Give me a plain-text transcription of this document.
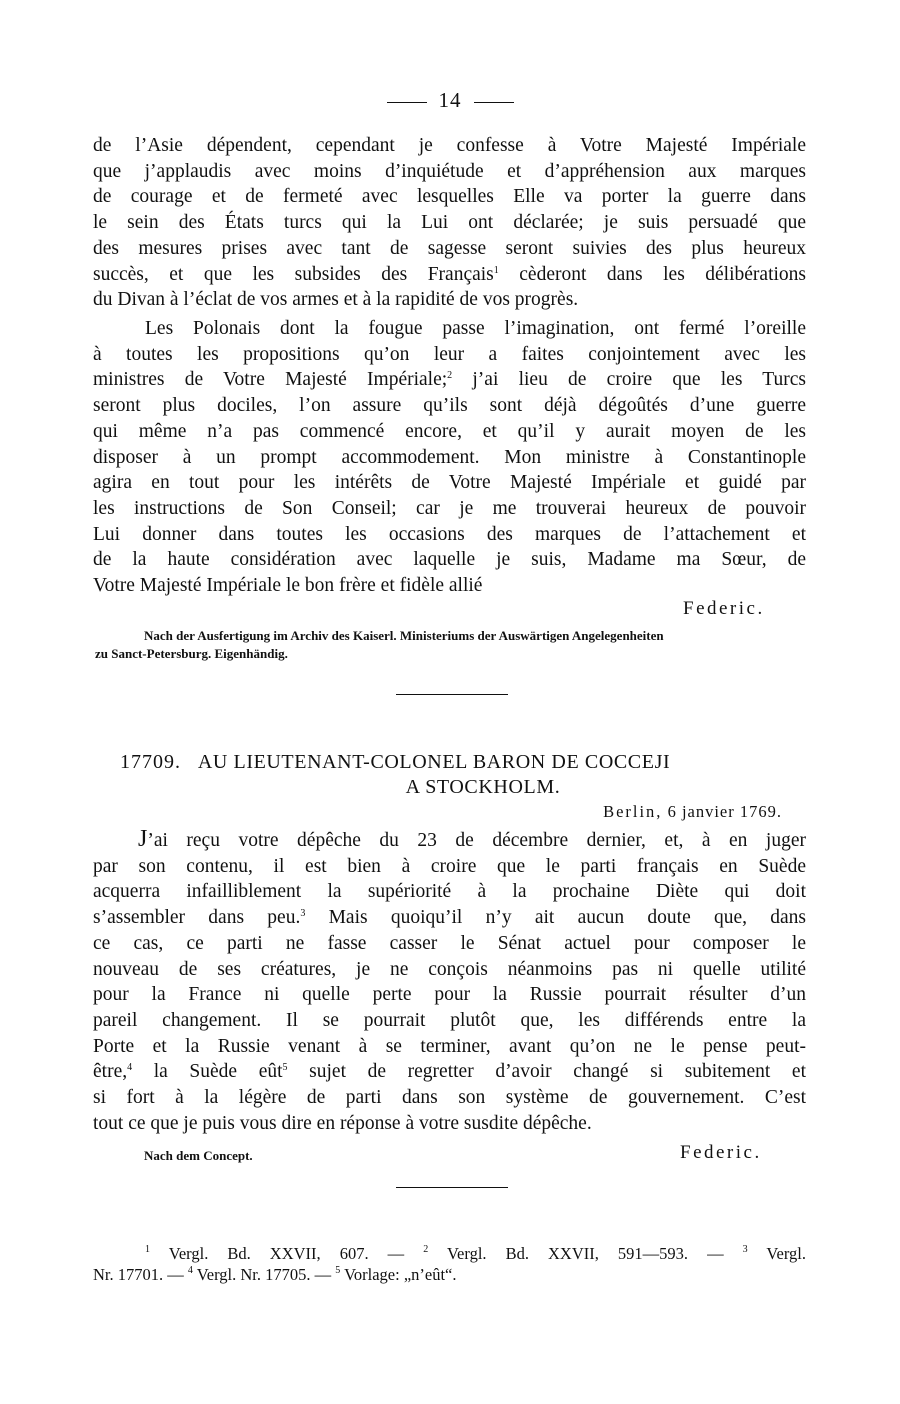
14
de l’Asie dépendent, cependant je confesse à Votre Majesté Impériale
que j’applaudis avec moins d’inquiétude et d’appréhension aux marques
de courage et de fermeté avec lesquelles Elle va porter la guerre dans
le sein des États turcs qui la Lui ont déclarée; je suis persuadé que
des mesures prises avec tant de sagesse seront suivies des plus heureux
succès, et que les subsides des Français$^1$ cèderont dans les délibérations
du Divan à l’éclat de vos armes et à la rapidité de vos progrès.
Les Polonais dont la fougue passe l’imagination, ont fermé l’oreille
à toutes les propositions qu’on leur a faites conjointement avec les
ministres de Votre Majesté Impériale;$^2$ j’ai lieu de croire que les Turcs
seront plus dociles, l’on assure qu’ils sont déjà dégoûtés d’une guerre
qui même n’a pas commencé encore, et qu’il y aurait moyen de les
disposer à un prompt accommodement. Mon ministre à Constantinople
agira en tout pour les intérêts de Votre Majesté Impériale et guidé par
les instructions de Son Conseil; car je me trouverai heureux de pouvoir
Lui donner dans toutes les occasions des marques de l’attachement et
de la haute considération avec laquelle je suis, Madame ma Sœur, de
Votre Majesté Impériale le bon frère et fidèle allié
Federic.
Nach der Ausfertigung im Archiv des Kaiserl. Ministeriums der Auswärtigen Angelegenheiten
zu Sanct-Petersburg. Eigenhändig.
17709. AU LIEUTENANT-COLONEL BARON DE COCCEJI
A STOCKHOLM.
Berlin, 6 janvier 1769.
J’ai reçu votre dépêche du 23 de décembre dernier, et, à en juger
par son contenu, il est bien à croire que le parti français en Suède
acquerra infailliblement la supériorité à la prochaine Diète qui doit
s’assembler dans peu.$^3$ Mais quoiqu’il n’y ait aucun doute que, dans
ce cas, ce parti ne fasse casser le Sénat actuel pour composer le
nouveau de ses créatures, je ne conçois néanmoins pas ni quelle utilité
pour la France ni quelle perte pour la Russie pourrait résulter d’un
pareil changement. Il se pourrait plutôt que, les différends entre la
Porte et la Russie venant à se terminer, avant qu’on ne le pense peut-
être,$^4$ la Suède eût$^5$ sujet de regretter d’avoir changé si subitement et
si fort à la légère de parti dans son système de gouvernement. C’est
tout ce que je puis vous dire en réponse à votre susdite dépêche.
Nach dem Concept.	Federic.
$^1$ Vergl. Bd. XXVII, 607. — $^2$ Vergl. Bd. XXVII, 591—593. — $^3$ Vergl.
Nr. 17701. — $^4$ Vergl. Nr. 17705. — $^5$ Vorlage: „n’eût“.
